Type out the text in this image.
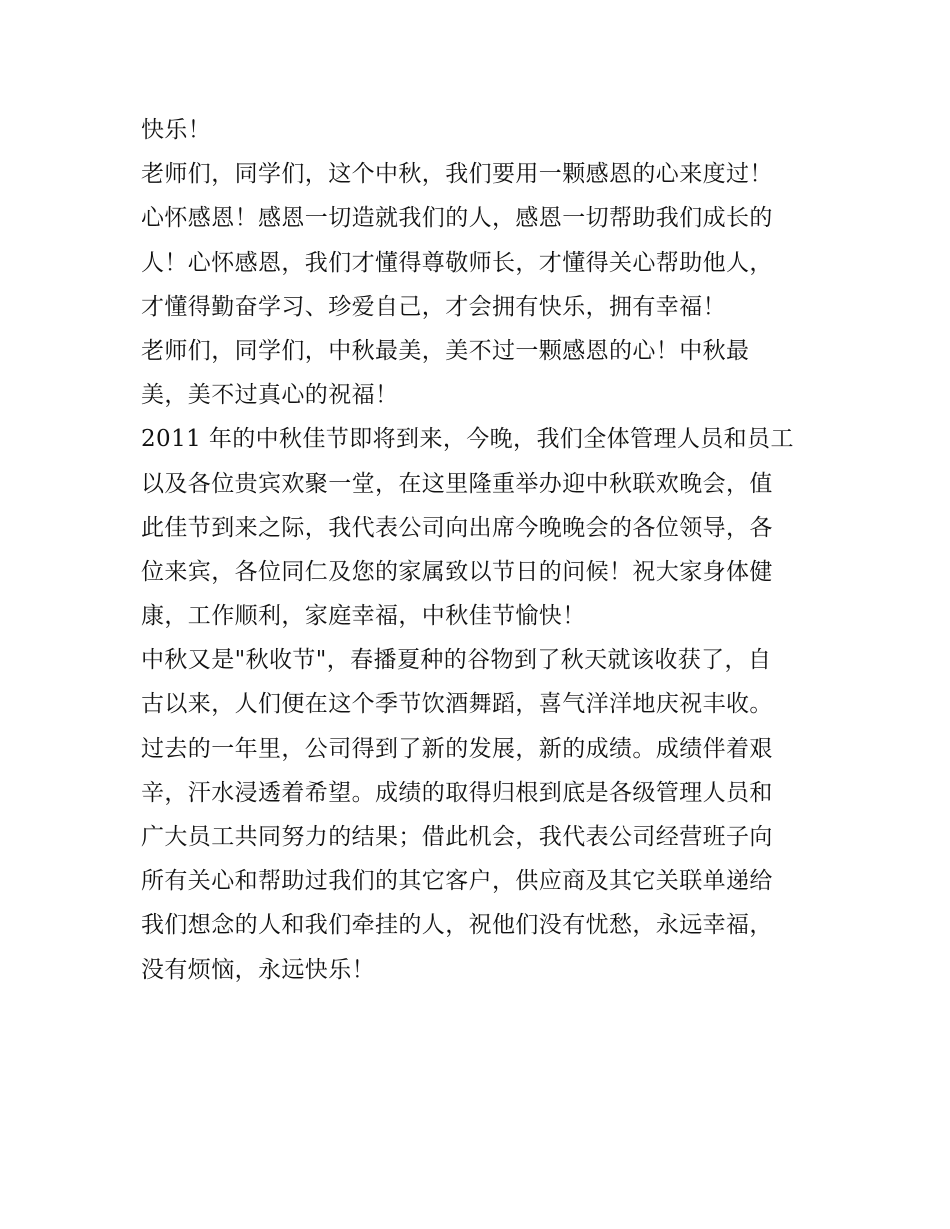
快乐！
老师们，同学们，这个中秋，我们要用一颗感恩的心来度过！
心怀感恩！感恩一切造就我们的人，感恩一切帮助我们成长的
人！心怀感恩，我们才懂得尊敬师长，才懂得关心帮助他人，
才懂得勤奋学习、珍爱自己，才会拥有快乐，拥有幸福！
老师们，同学们，中秋最美，美不过一颗感恩的心！中秋最
美，美不过真心的祝福！
2011 年的中秋佳节即将到来，今晚，我们全体管理人员和员工
以及各位贵宾欢聚一堂，在这里隆重举办迎中秋联欢晚会，值
此佳节到来之际，我代表公司向出席今晚晚会的各位领导，各
位来宾，各位同仁及您的家属致以节日的问候！祝大家身体健
康，工作顺利，家庭幸福，中秋佳节愉快！
中秋又是"秋收节"，春播夏种的谷物到了秋天就该收获了，自
古以来，人们便在这个季节饮酒舞蹈，喜气洋洋地庆祝丰收。
过去的一年里，公司得到了新的发展，新的成绩。成绩伴着艰
辛，汗水浸透着希望。成绩的取得归根到底是各级管理人员和
广大员工共同努力的结果；借此机会，我代表公司经营班子向
所有关心和帮助过我们的其它客户，供应商及其它关联单递给
我们想念的人和我们牵挂的人，祝他们没有忧愁，永远幸福，
没有烦恼，永远快乐！
